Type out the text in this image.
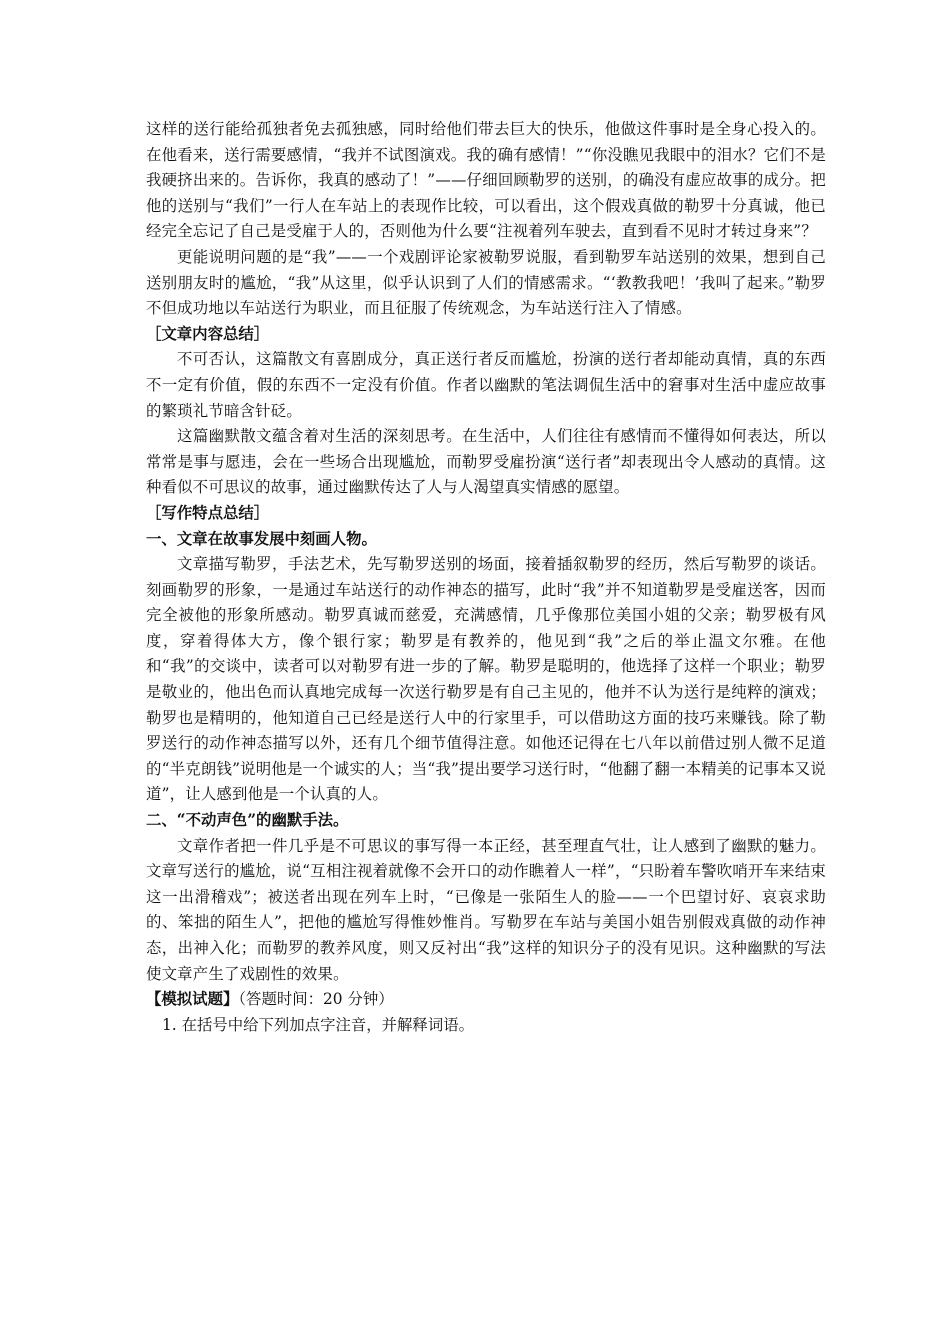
这样的送行能给孤独者免去孤独感，同时给他们带去巨大的快乐，他做这件事时是全身心投入的。在他看来，送行需要感情，“我并不试图演戏。我的确有感情！”“你没瞧见我眼中的泪水？它们不是我硬挤出来的。告诉你，我真的感动了！”——仔细回顾勒罗的送别，的确没有虚应故事的成分。把他的送别与“我们”一行人在车站上的表现作比较，可以看出，这个假戏真做的勒罗十分真诚，他已经完全忘记了自己是受雇于人的，否则他为什么要“注视着列车驶去，直到看不见时才转过身来”？

更能说明问题的是“我”——一个戏剧评论家被勒罗说服，看到勒罗车站送别的效果，想到自己送别朋友时的尴尬，“我”从这里，似乎认识到了人们的情感需求。“‘教教我吧！’我叫了起来。”勒罗不但成功地以车站送行为职业，而且征服了传统观念，为车站送行注入了情感。

［文章内容总结］

不可否认，这篇散文有喜剧成分，真正送行者反而尴尬，扮演的送行者却能动真情，真的东西不一定有价值，假的东西不一定没有价值。作者以幽默的笔法调侃生活中的窘事对生活中虚应故事的繁琐礼节暗含针砭。

这篇幽默散文蕴含着对生活的深刻思考。在生活中，人们往往有感情而不懂得如何表达，所以常常是事与愿违，会在一些场合出现尴尬，而勒罗受雇扮演“送行者”却表现出令人感动的真情。这种看似不可思议的故事，通过幽默传达了人与人渴望真实情感的愿望。

［写作特点总结］

一、文章在故事发展中刻画人物。

文章描写勒罗，手法艺术，先写勒罗送别的场面，接着插叙勒罗的经历，然后写勒罗的谈话。刻画勒罗的形象，一是通过车站送行的动作神态的描写，此时“我”并不知道勒罗是受雇送客，因而完全被他的形象所感动。勒罗真诚而慈爱，充满感情，几乎像那位美国小姐的父亲；勒罗极有风度，穿着得体大方，像个银行家；勒罗是有教养的，他见到“我”之后的举止温文尔雅。在他和“我”的交谈中，读者可以对勒罗有进一步的了解。勒罗是聪明的，他选择了这样一个职业；勒罗是敬业的，他出色而认真地完成每一次送行勒罗是有自己主见的，他并不认为送行是纯粹的演戏；勒罗也是精明的，他知道自己已经是送行人中的行家里手，可以借助这方面的技巧来赚钱。除了勒罗送行的动作神态描写以外，还有几个细节值得注意。如他还记得在七八年以前借过别人微不足道的“半克朗钱”说明他是一个诚实的人；当“我”提出要学习送行时，“他翻了翻一本精美的记事本又说道”，让人感到他是一个认真的人。

二、“不动声色”的幽默手法。

文章作者把一件几乎是不可思议的事写得一本正经，甚至理直气壮，让人感到了幽默的魅力。文章写送行的尴尬，说“互相注视着就像不会开口的动作瞧着人一样”，“只盼着车警吹哨开车来结束这一出滑稽戏”；被送者出现在列车上时，“已像是一张陌生人的脸——一个巴望讨好、哀哀求助的、笨拙的陌生人”，把他的尴尬写得惟妙惟肖。写勒罗在车站与美国小姐告别假戏真做的动作神态，出神入化；而勒罗的教养风度，则又反衬出“我”这样的知识分子的没有见识。这种幽默的写法使文章产生了戏剧性的效果。

【模拟试题】（答题时间：20 分钟）

1. 在括号中给下列加点字注音，并解释词语。
